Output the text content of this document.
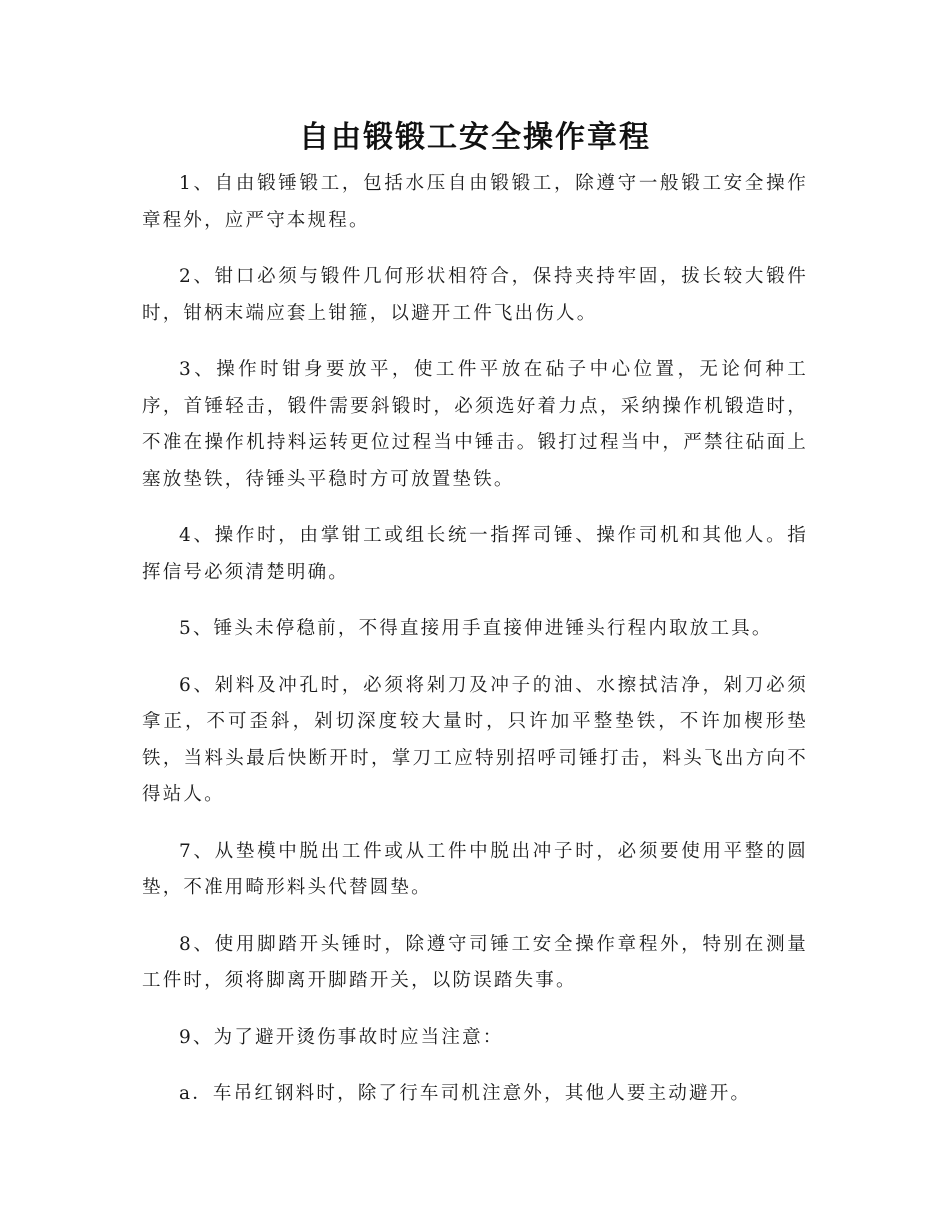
自由锻锻工安全操作章程

1、自由锻锤锻工，包括水压自由锻锻工，除遵守一般锻工安全操作章程外，应严守本规程。

2、钳口必须与锻件几何形状相符合，保持夹持牢固，拔长较大锻件时，钳柄末端应套上钳箍，以避开工件飞出伤人。

3、操作时钳身要放平，使工件平放在砧子中心位置，无论何种工序，首锤轻击，锻件需要斜锻时，必须选好着力点，采纳操作机锻造时，不准在操作机持料运转更位过程当中锤击。锻打过程当中，严禁往砧面上塞放垫铁，待锤头平稳时方可放置垫铁。

4、操作时，由掌钳工或组长统一指挥司锤、操作司机和其他人。指挥信号必须清楚明确。

5、锤头未停稳前，不得直接用手直接伸进锤头行程内取放工具。

6、剁料及冲孔时，必须将剁刀及冲子的油、水擦拭洁净，剁刀必须拿正，不可歪斜，剁切深度较大量时，只许加平整垫铁，不许加楔形垫铁，当料头最后快断开时，掌刀工应特别招呼司锤打击，料头飞出方向不得站人。

7、从垫模中脱出工件或从工件中脱出冲子时，必须要使用平整的圆垫，不准用畸形料头代替圆垫。

8、使用脚踏开头锤时，除遵守司锤工安全操作章程外，特别在测量工件时，须将脚离开脚踏开关，以防误踏失事。

9、为了避开烫伤事故时应当注意：

a．车吊红钢料时，除了行车司机注意外，其他人要主动避开。
